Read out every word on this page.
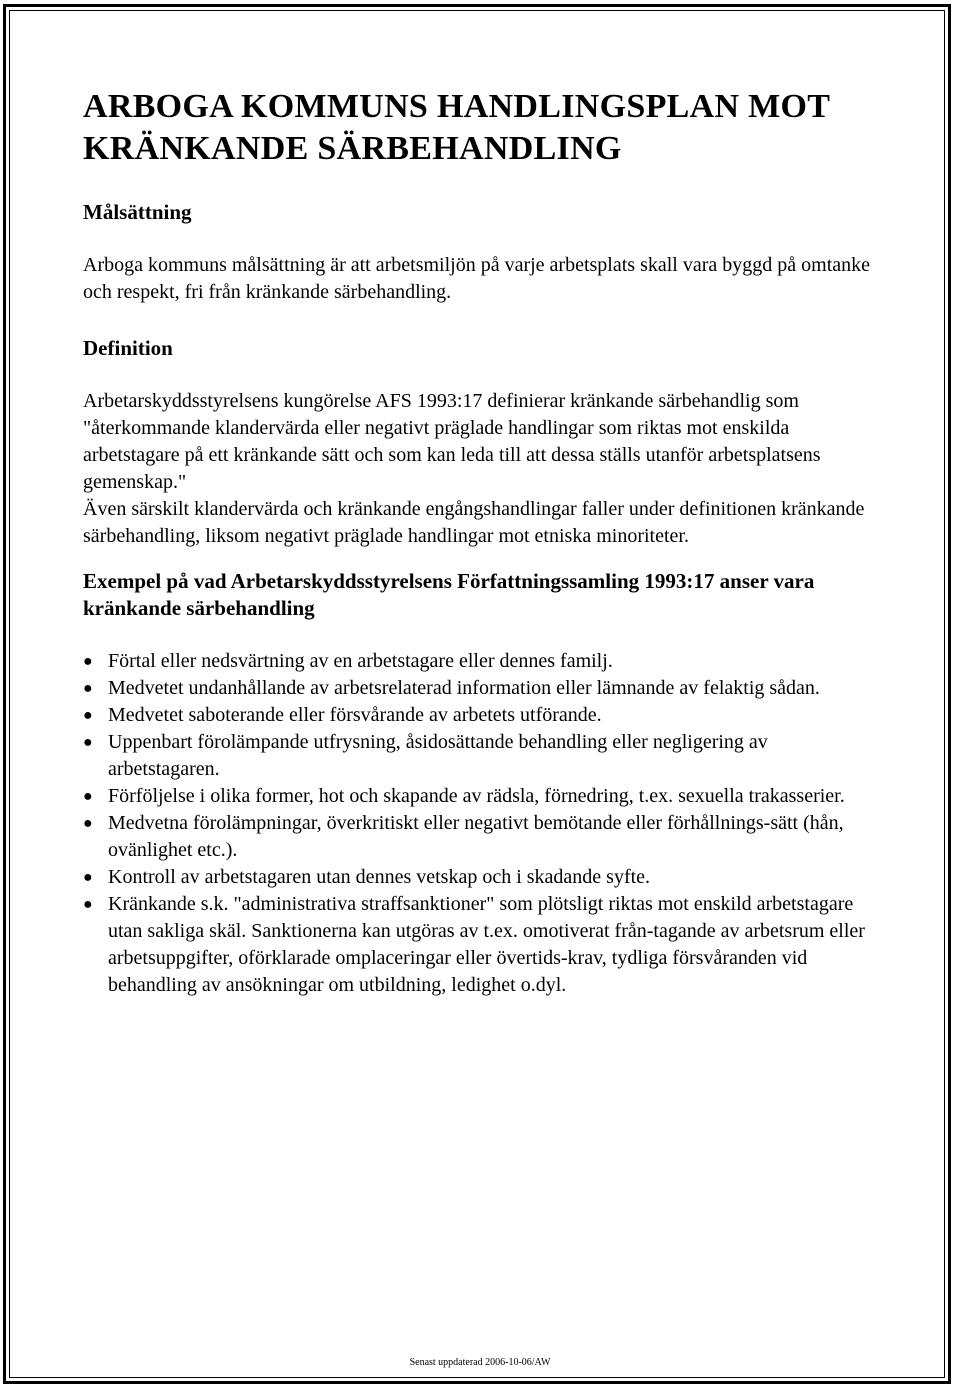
ARBOGA KOMMUNS HANDLINGSPLAN MOT
KRÄNKANDE SÄRBEHANDLING
Målsättning

Arboga kommuns målsättning är att arbetsmiljön på varje arbetsplats skall vara byggd på omtanke och respekt, fri från kränkande särbehandling.

Definition

Arbetarskyddsstyrelsens kungörelse AFS 1993:17 definierar kränkande särbehandlig som "återkommande klandervärda eller negativt präglade handlingar som riktas mot enskilda arbetstagare på ett kränkande sätt och som kan leda till att dessa ställs utanför arbetsplatsens gemenskap."

Även särskilt klandervärda och kränkande engångshandlingar faller under definitionen kränkande särbehandling, liksom negativt präglade handlingar mot etniska minoriteter.

Exempel på vad Arbetarskyddsstyrelsens Författningssamling 1993:17 anser vara kränkande särbehandling
● Förtal eller nedsvärtning av en arbetstagare eller dennes familj.
● Medvetet undanhållande av arbetsrelaterad information eller lämnande av felaktig sådan.
● Medvetet saboterande eller försvårande av arbetets utförande.
● Uppenbart förolämpande utfrysning, åsidosättande behandling eller negligering av arbetstagaren.
● Förföljelse i olika former, hot och skapande av rädsla, förnedring, t.ex. sexuella trakasserier.
● Medvetna förolämpningar, överkritiskt eller negativt bemötande eller förhållnings-sätt (hån, ovänlighet etc.).
● Kontroll av arbetstagaren utan dennes vetskap och i skadande syfte.
● Kränkande s.k. "administrativa straffsanktioner" som plötsligt riktas mot enskild arbetstagare utan sakliga skäl. Sanktionerna kan utgöras av t.ex. omotiverat från-tagande av arbetsrum eller arbetsuppgifter, oförklarade omplaceringar eller övertids-krav, tydliga försvåranden vid behandling av ansökningar om utbildning, ledighet o.dyl.
Senast uppdaterad 2006-10-06/AW
